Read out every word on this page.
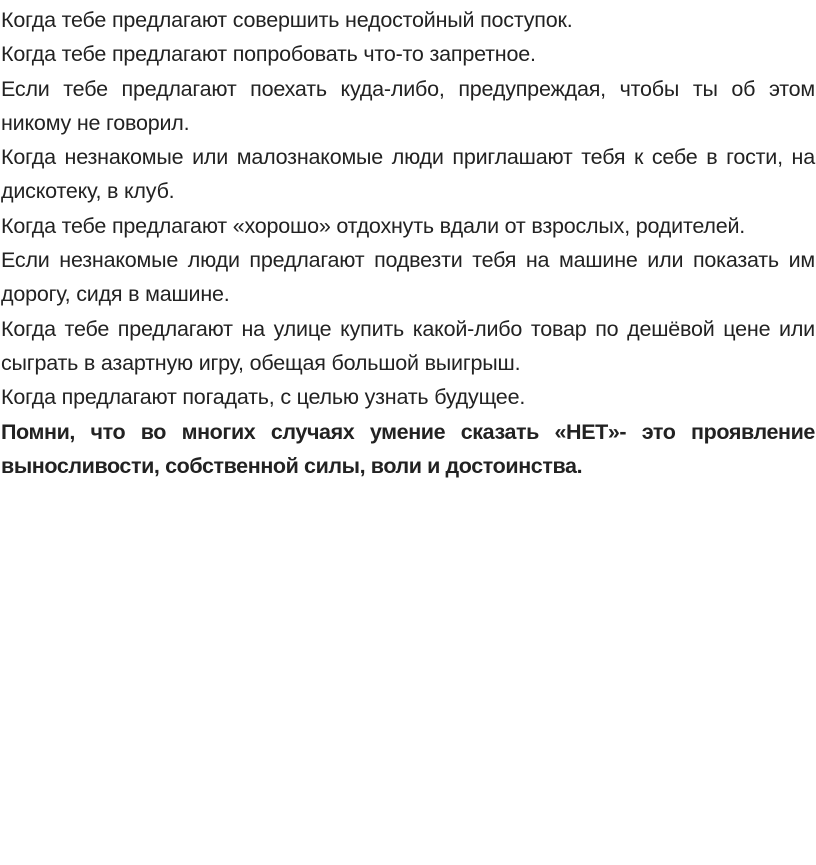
Когда тебе предлагают совершить недостойный поступок.

Когда тебе предлагают попробовать что-то запретное.

Если тебе предлагают поехать куда-либо, предупреждая, чтобы ты об этом никому не говорил.

Когда незнакомые или малознакомые люди приглашают тебя к себе в гости, на дискотеку, в клуб.

Когда тебе предлагают «хорошо» отдохнуть вдали от взрослых, родителей.

Если незнакомые люди предлагают подвезти тебя на машине или показать им дорогу, сидя в машине.

Когда тебе предлагают на улице купить какой-либо товар по дешёвой цене или сыграть в азартную игру, обещая большой выигрыш.

Когда предлагают погадать, с целью узнать будущее.

Помни, что во многих случаях умение сказать «НЕТ»- это проявление выносливости, собственной силы, воли и достоинства.
